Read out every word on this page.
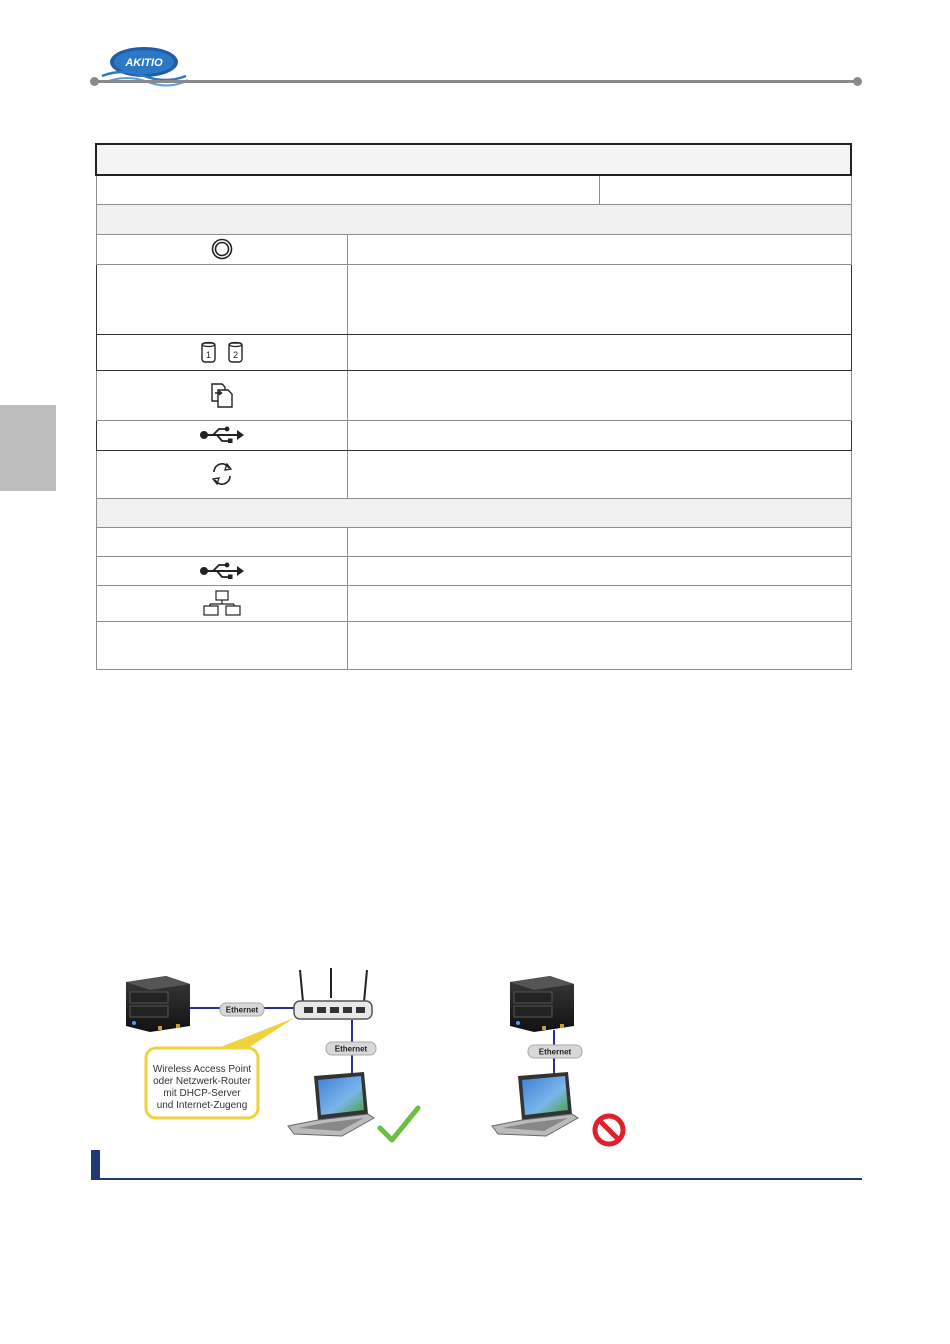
AKITIO

1 2		

Ethernet
Wireless Access Point
oder Netzwerk-Router
mit DHCP-Server
und Internet-Zugeng
Ethernet	Ethernet
